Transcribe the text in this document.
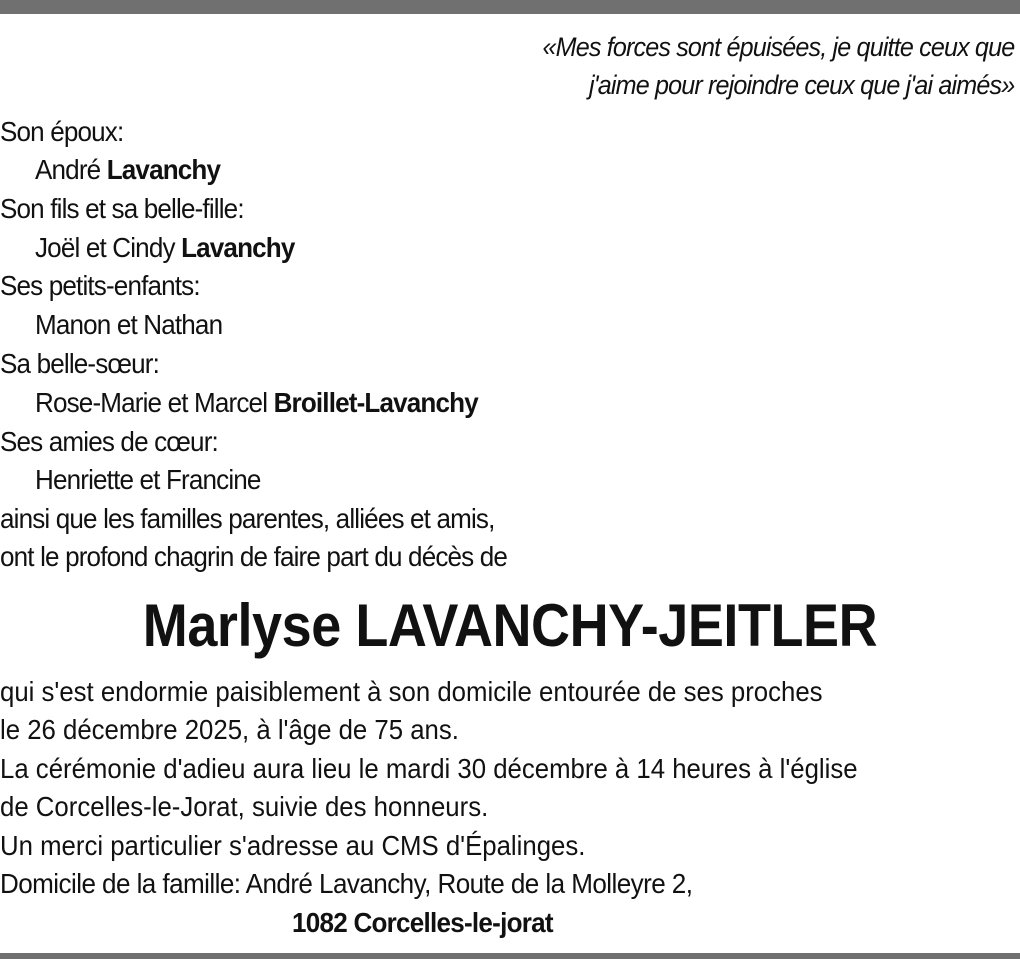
«Mes forces sont épuisées, je quitte ceux que
j'aime pour rejoindre ceux que j'ai aimés»
Son époux:
André Lavanchy
Son fils et sa belle-fille:
Joël et Cindy Lavanchy
Ses petits-enfants:
Manon et Nathan
Sa belle-sœur:
Rose-Marie et Marcel Broillet-Lavanchy
Ses amies de cœur:
Henriette et Francine
ainsi que les familles parentes, alliées et amis,
ont le profond chagrin de faire part du décès de
Marlyse LAVANCHY-JEITLER
qui s'est endormie paisiblement à son domicile entourée de ses proches
le 26 décembre 2025, à l'âge de 75 ans.
La cérémonie d'adieu aura lieu le mardi 30 décembre à 14 heures à l'église
de Corcelles-le-Jorat, suivie des honneurs.
Un merci particulier s'adresse au CMS d'Épalinges.
Domicile de la famille: André Lavanchy, Route de la Molleyre 2,
1082 Corcelles-le-jorat
